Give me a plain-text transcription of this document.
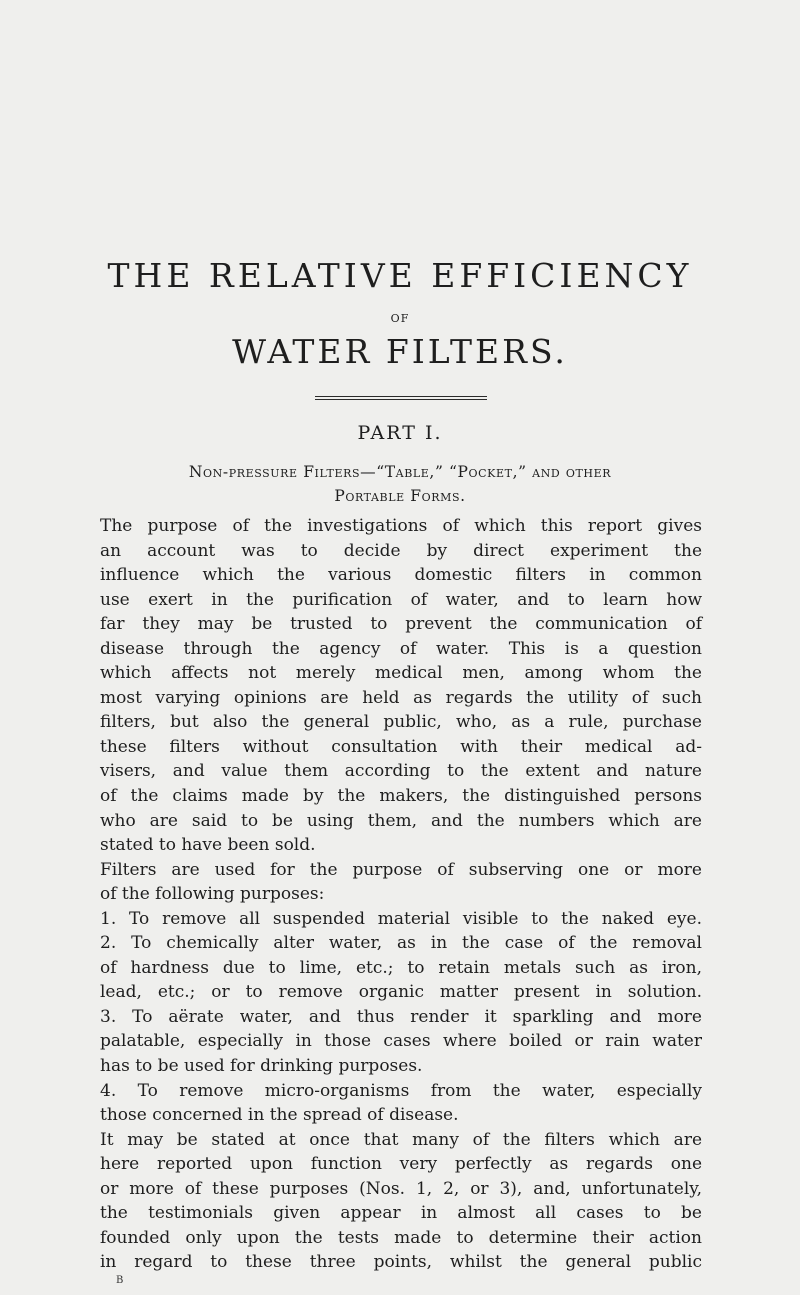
THE RELATIVE EFFICIENCY
OF
WATER FILTERS.
PART I.
Non-pressure Filters—“Table,” “Pocket,” and other
Portable Forms.
The purpose of the investigations of which this report gives
an account was to decide by direct experiment the
influence which the various domestic filters in common
use exert in the purification of water, and to learn how
far they may be trusted to prevent the communication of
disease through the agency of water. This is a question
which affects not merely medical men, among whom the
most varying opinions are held as regards the utility of such
filters, but also the general public, who, as a rule, purchase
these filters without consultation with their medical ad-
visers, and value them according to the extent and nature
of the claims made by the makers, the distinguished persons
who are said to be using them, and the numbers which are
stated to have been sold.
Filters are used for the purpose of subserving one or more
of the following purposes:
1. To remove all suspended material visible to the naked eye.
2. To chemically alter water, as in the case of the removal
of hardness due to lime, etc.; to retain metals such as iron,
lead, etc.; or to remove organic matter present in solution.
3. To aërate water, and thus render it sparkling and more
palatable, especially in those cases where boiled or rain water
has to be used for drinking purposes.
4. To remove micro-organisms from the water, especially
those concerned in the spread of disease.
It may be stated at once that many of the filters which are
here reported upon function very perfectly as regards one
or more of these purposes (Nos. 1, 2, or 3), and, unfortunately,
the testimonials given appear in almost all cases to be
founded only upon the tests made to determine their action
in regard to these three points, whilst the general public
B
